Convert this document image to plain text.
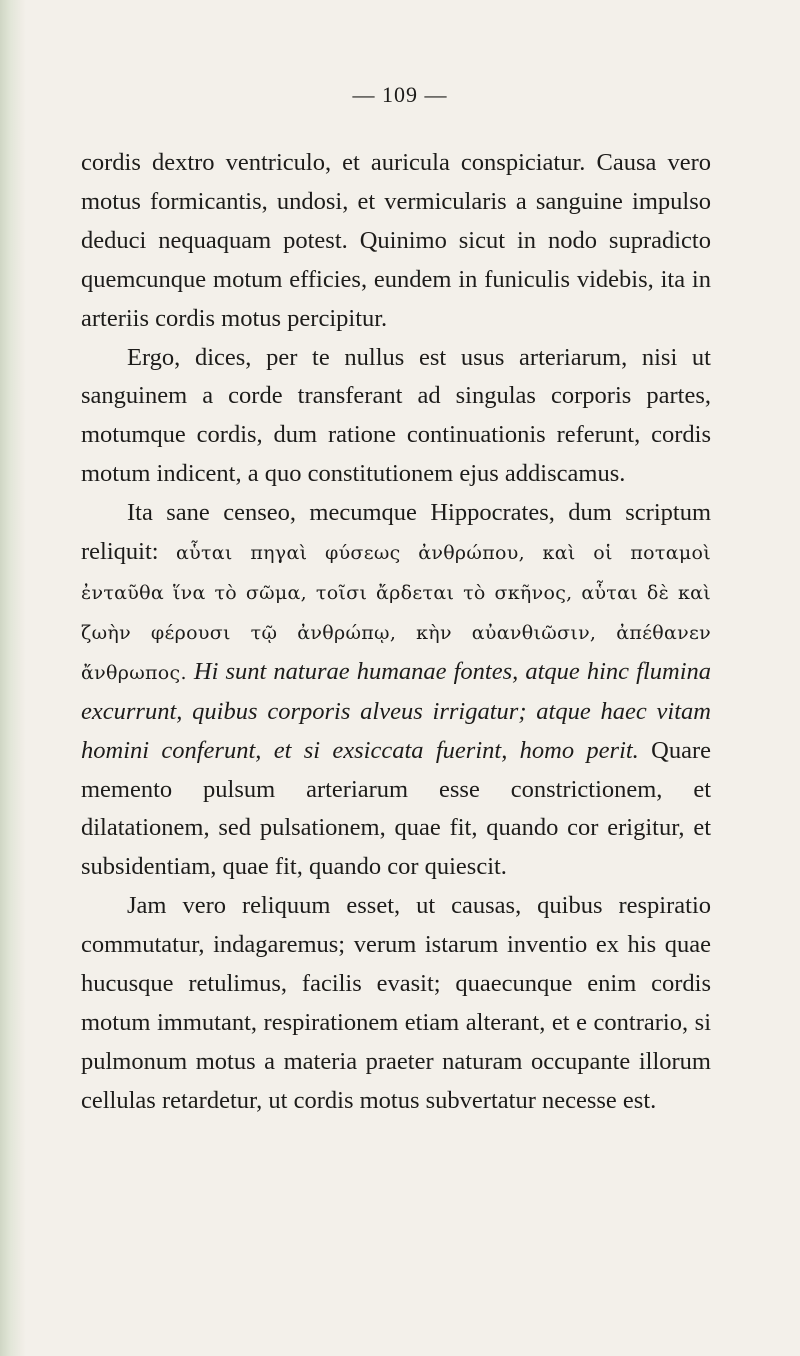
— 109 —

cordis dextro ventriculo, et auricula conspiciatur. Causa vero motus formicantis, undosi, et vermicularis a sanguine impulso deduci nequaquam potest. Quinimo sicut in nodo supradicto quemcunque motum efficies, eundem in funiculis videbis, ita in arteriis cordis motus percipitur.

Ergo, dices, per te nullus est usus arteriarum, nisi ut sanguinem a corde transferant ad singulas corporis partes, motumque cordis, dum ratione continuationis referunt, cordis motum indicent, a quo constitutionem ejus addiscamus.

Ita sane censeo, mecumque Hippocrates, dum scriptum reliquit: αὗται πηγαὶ φύσεως ἀνθρώπου, καὶ οἱ ποταμοὶ ἐνταῦθα ἵνα τὸ σῶμα, τοῖσι ἄρδεται τὸ σκῆνος, αὗται δὲ καὶ ζωὴν φέρουσι τῷ ἀνθρώπῳ, κὴν αὐανθιῶσιν, ἀπέθανεν ἄνθρωπος. Hi sunt naturae humanae fontes, atque hinc flumina excurrunt, quibus corporis alveus irrigatur; atque haec vitam homini conferunt, et si exsiccata fuerint, homo perit. Quare memento pulsum arteriarum esse constrictionem, et dilatationem, sed pulsationem, quae fit, quando cor erigitur, et subsidentiam, quae fit, quando cor quiescit.

Jam vero reliquum esset, ut causas, quibus respiratio commutatur, indagaremus; verum istarum inventio ex his quae hucusque retulimus, facilis evasit; quaecunque enim cordis motum immutant, respirationem etiam alterant, et e contrario, si pulmonum motus a materia praeter naturam occupante illorum cellulas retardetur, ut cordis motus subvertatur necesse est.
